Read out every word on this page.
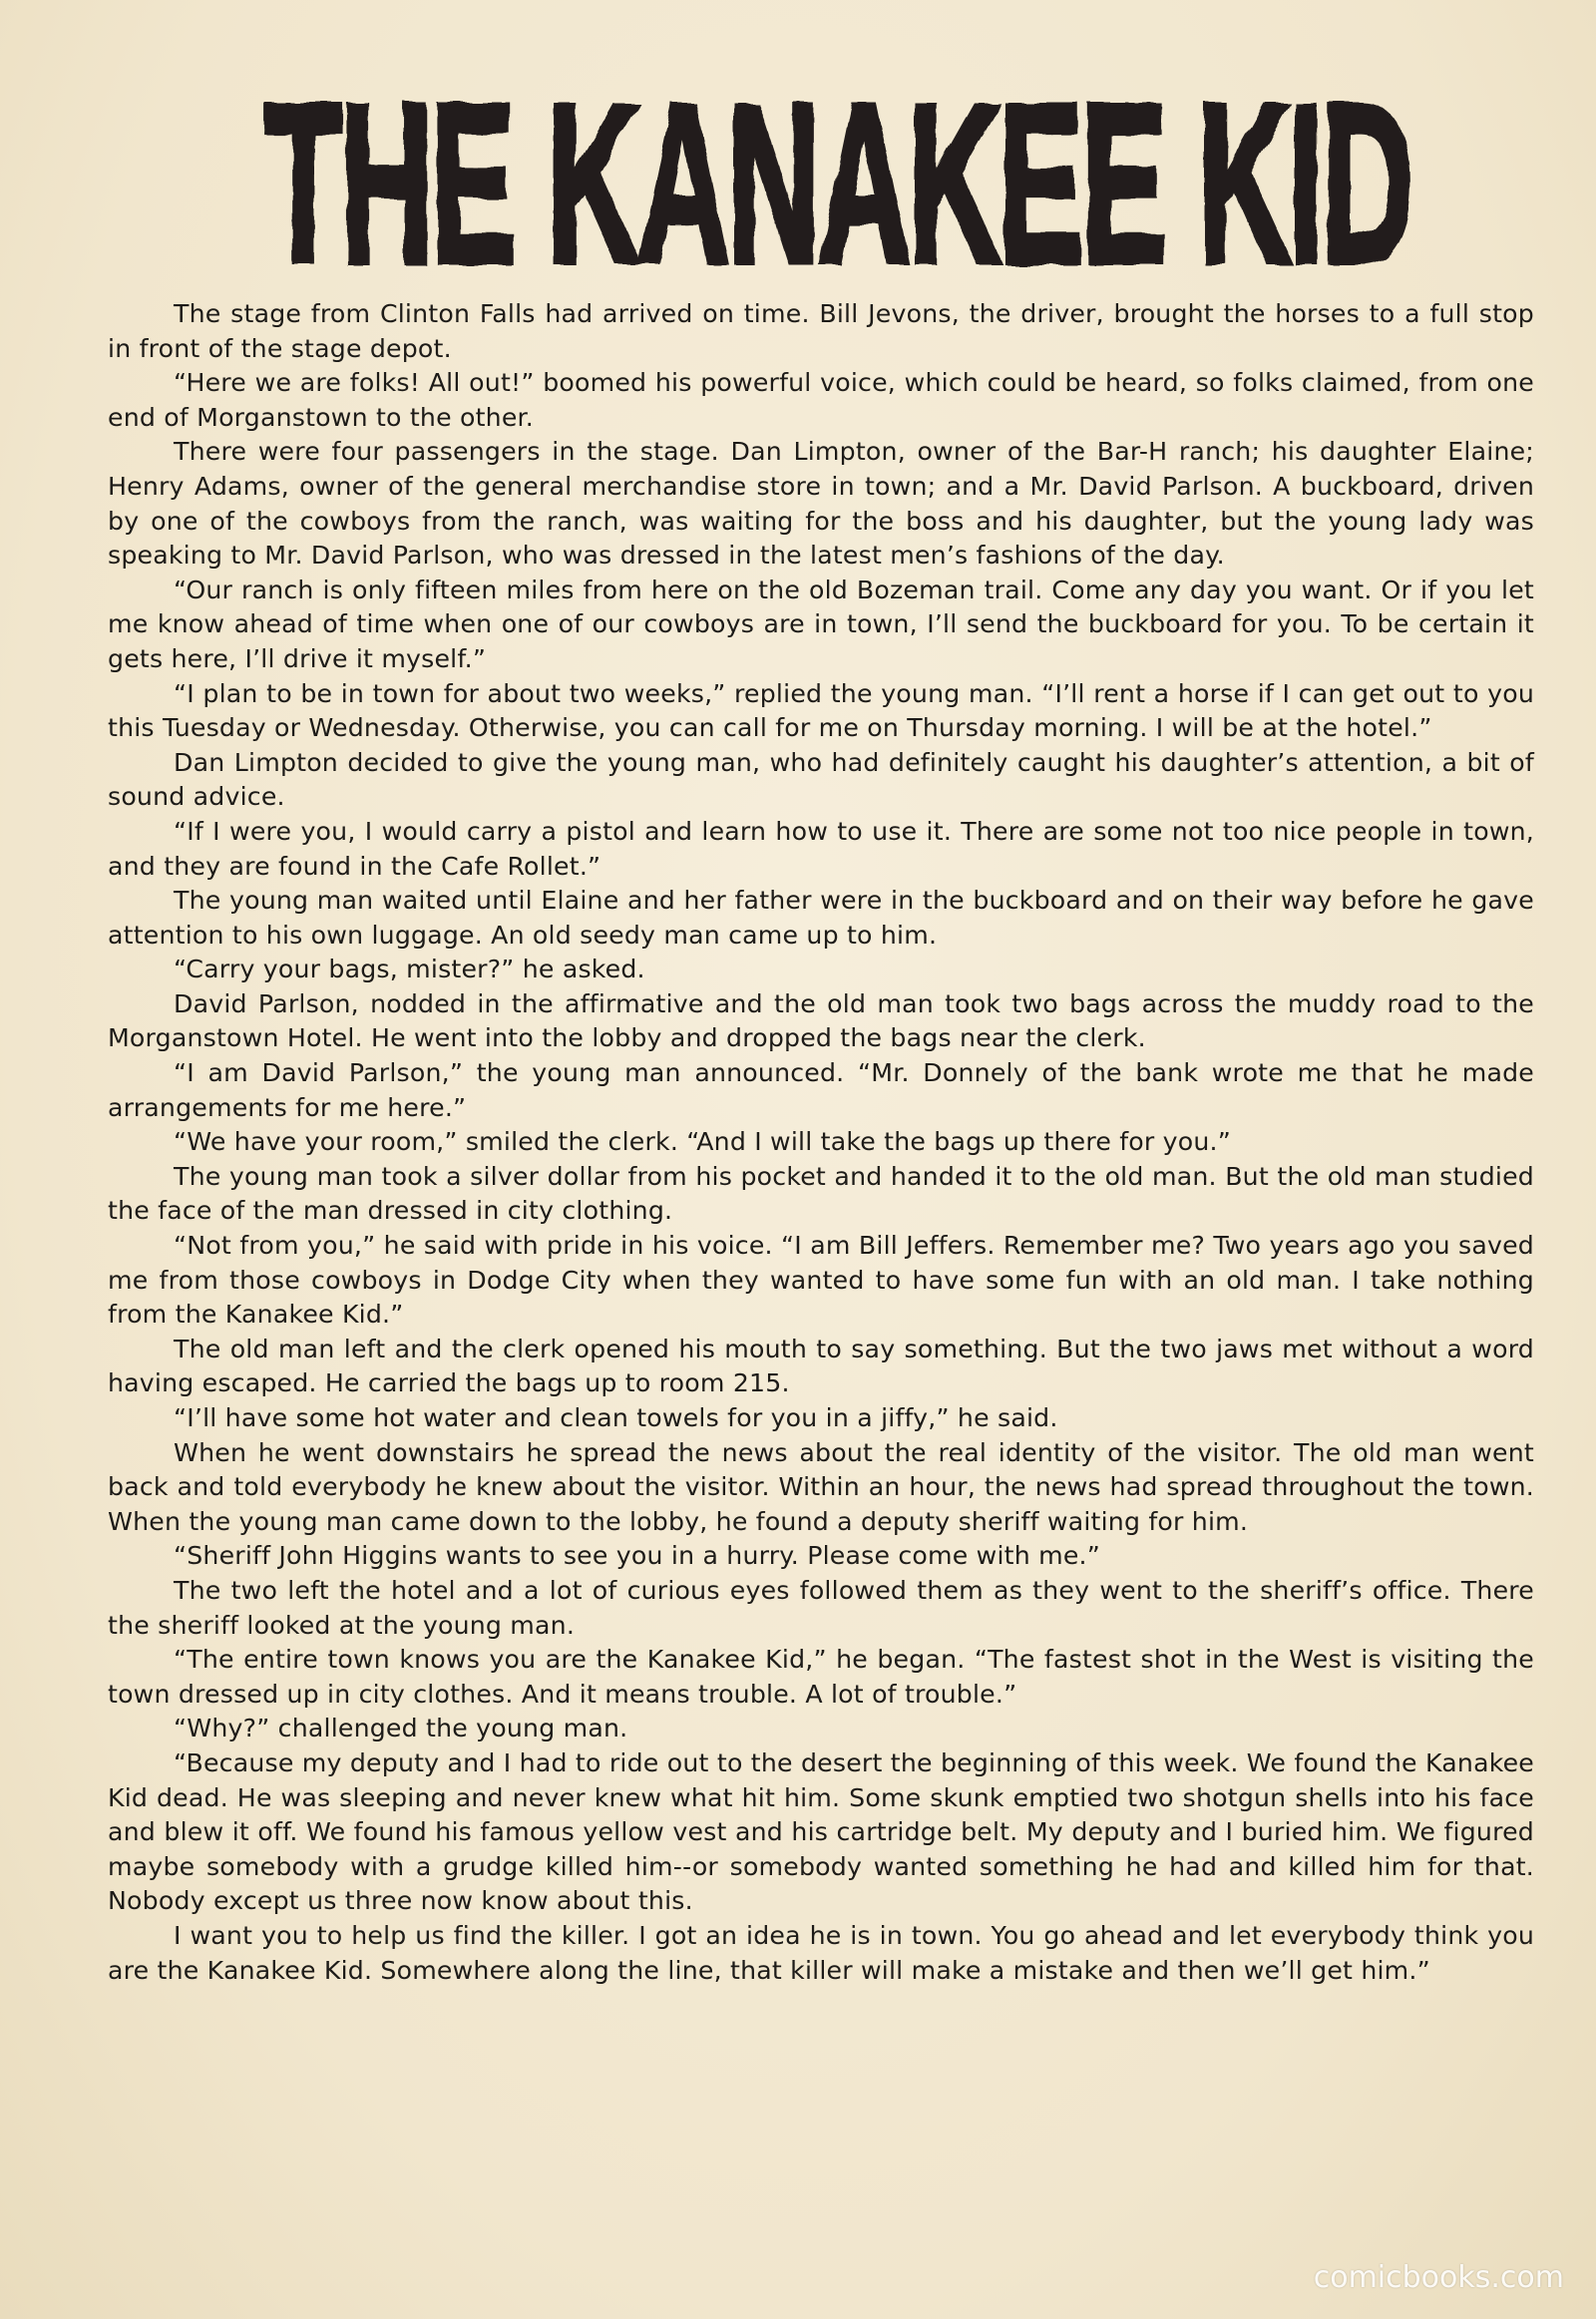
THE KANAKEE KID

The stage from Clinton Falls had arrived on time. Bill Jevons, the driver, brought the horses to a full stop in front of the stage depot.

“Here we are folks! All out!” boomed his powerful voice, which could be heard, so folks claimed, from one end of Morganstown to the other.

There were four passengers in the stage. Dan Limpton, owner of the Bar-H ranch; his daughter Elaine; Henry Adams, owner of the general merchandise store in town; and a Mr. David Parlson. A buckboard, driven by one of the cowboys from the ranch, was waiting for the boss and his daughter, but the young lady was speaking to Mr. David Parlson, who was dressed in the latest men’s fashions of the day.

“Our ranch is only fifteen miles from here on the old Bozeman trail. Come any day you want. Or if you let me know ahead of time when one of our cowboys are in town, I’ll send the buckboard for you. To be certain it gets here, I’ll drive it myself.”

“I plan to be in town for about two weeks,” replied the young man. “I’ll rent a horse if I can get out to you this Tuesday or Wednesday. Otherwise, you can call for me on Thursday morning. I will be at the hotel.”

Dan Limpton decided to give the young man, who had definitely caught his daughter’s attention, a bit of sound advice.

“If I were you, I would carry a pistol and learn how to use it. There are some not too nice people in town, and they are found in the Cafe Rollet.”

The young man waited until Elaine and her father were in the buckboard and on their way before he gave attention to his own luggage. An old seedy man came up to him.

“Carry your bags, mister?” he asked.

David Parlson, nodded in the affirmative and the old man took two bags across the muddy road to the Morganstown Hotel. He went into the lobby and dropped the bags near the clerk.

“I am David Parlson,” the young man announced. “Mr. Donnely of the bank wrote me that he made arrangements for me here.”

“We have your room,” smiled the clerk. “And I will take the bags up there for you.”

The young man took a silver dollar from his pocket and handed it to the old man. But the old man studied the face of the man dressed in city clothing.

“Not from you,” he said with pride in his voice. “I am Bill Jeffers. Remember me? Two years ago you saved me from those cowboys in Dodge City when they wanted to have some fun with an old man. I take nothing from the Kanakee Kid.”

The old man left and the clerk opened his mouth to say something. But the two jaws met without a word having escaped. He carried the bags up to room 215.

“I’ll have some hot water and clean towels for you in a jiffy,” he said.

When he went downstairs he spread the news about the real identity of the visitor. The old man went back and told everybody he knew about the visitor. Within an hour, the news had spread throughout the town. When the young man came down to the lobby, he found a deputy sheriff waiting for him.

“Sheriff John Higgins wants to see you in a hurry. Please come with me.”

The two left the hotel and a lot of curious eyes followed them as they went to the sheriff’s office. There the sheriff looked at the young man.

“The entire town knows you are the Kanakee Kid,” he began. “The fastest shot in the West is visiting the town dressed up in city clothes. And it means trouble. A lot of trouble.”

“Why?” challenged the young man.

“Because my deputy and I had to ride out to the desert the beginning of this week. We found the Kanakee Kid dead. He was sleeping and never knew what hit him. Some skunk emptied two shotgun shells into his face and blew it off. We found his famous yellow vest and his cartridge belt. My deputy and I buried him. We figured maybe somebody with a grudge killed him--or somebody wanted something he had and killed him for that. Nobody except us three now know about this.

I want you to help us find the killer. I got an idea he is in town. You go ahead and let everybody think you are the Kanakee Kid. Somewhere along the line, that killer will make a mistake and then we’ll get him.”

comicbooks.com
